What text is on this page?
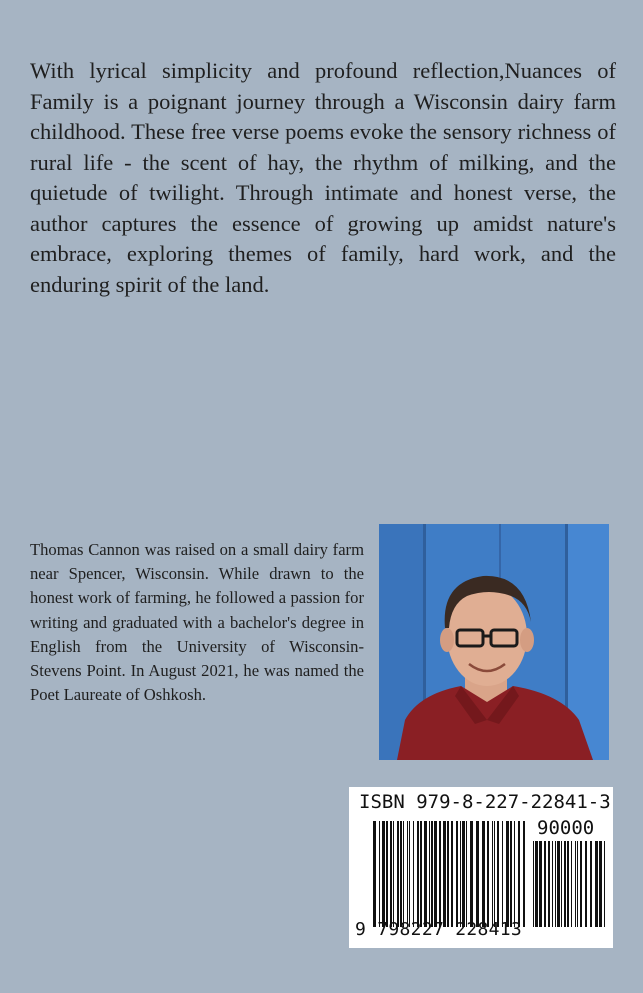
With lyrical simplicity and profound reflection,Nuances of Family is a poignant journey through a Wisconsin dairy farm childhood. These free verse poems evoke the sensory richness of rural life - the scent of hay, the rhythm of milking, and the quietude of twilight. Through intimate and honest verse, the author captures the essence of growing up amidst nature's embrace, exploring themes of family, hard work, and the enduring spirit of the land.

Thomas Cannon was raised on a small dairy farm near Spencer, Wisconsin. While drawn to the honest work of farming, he followed a passion for writing and graduated with a bachelor's degree in English from the University of Wisconsin- Stevens Point. In August 2021, he was named the Poet Laureate of Oshkosh.

ISBN 979-8-227-22841-3
90000
9 798227 228413
